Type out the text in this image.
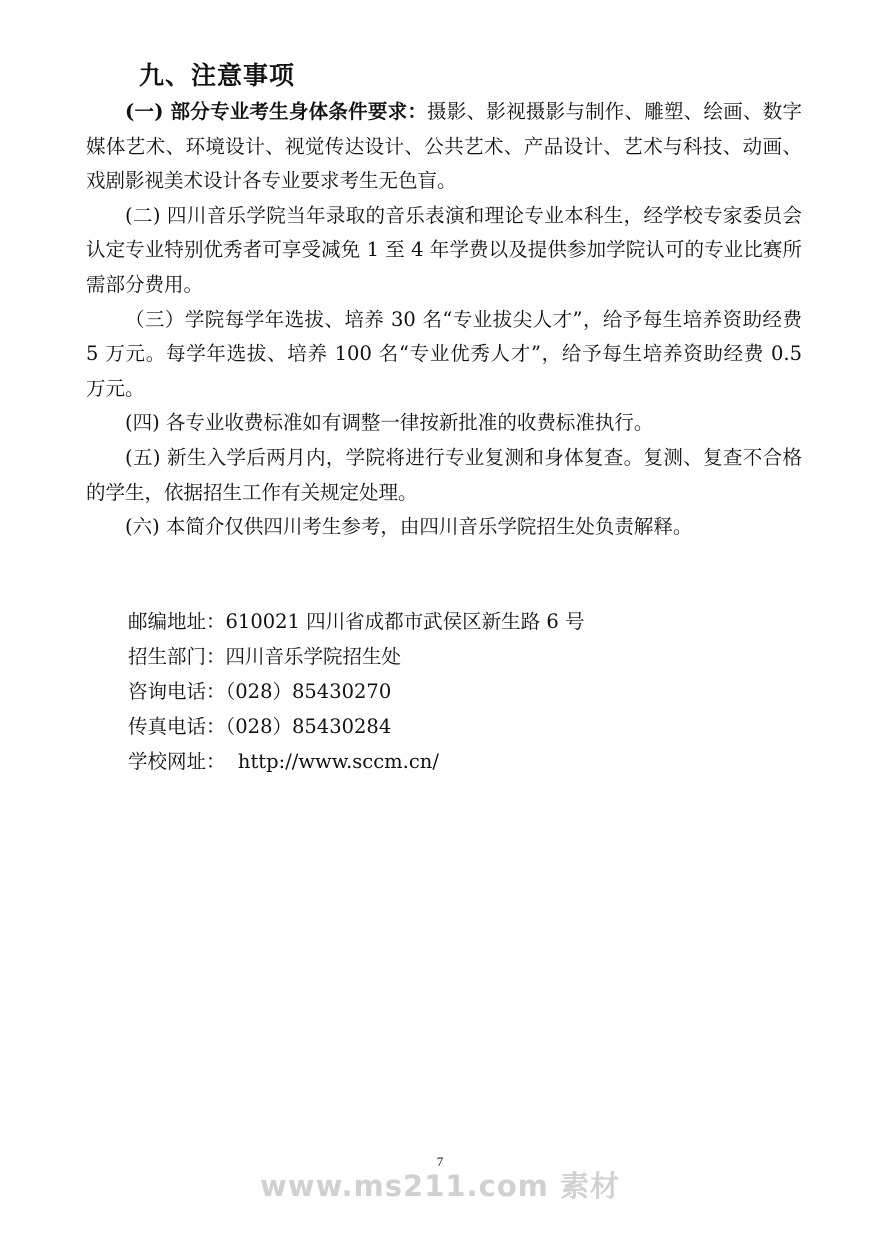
九、注意事项

(一) 部分专业考生身体条件要求：摄影、影视摄影与制作、雕塑、绘画、数字媒体艺术、环境设计、视觉传达设计、公共艺术、产品设计、艺术与科技、动画、戏剧影视美术设计各专业要求考生无色盲。

(二) 四川音乐学院当年录取的音乐表演和理论专业本科生，经学校专家委员会认定专业特别优秀者可享受减免 1 至 4 年学费以及提供参加学院认可的专业比赛所需部分费用。

（三）学院每学年选拔、培养 30 名“专业拔尖人才”，给予每生培养资助经费 5 万元。每学年选拔、培养 100 名“专业优秀人才”，给予每生培养资助经费 0.5 万元。

(四) 各专业收费标准如有调整一律按新批准的收费标准执行。

(五) 新生入学后两月内，学院将进行专业复测和身体复查。复测、复查不合格的学生，依据招生工作有关规定处理。

(六) 本简介仅供四川考生参考，由四川音乐学院招生处负责解释。

邮编地址：610021 四川省成都市武侯区新生路 6 号
招生部门：四川音乐学院招生处
咨询电话：（028）85430270
传真电话：（028）85430284
学校网址：  http://www.sccm.cn/
7
www.ms211.com 素材
